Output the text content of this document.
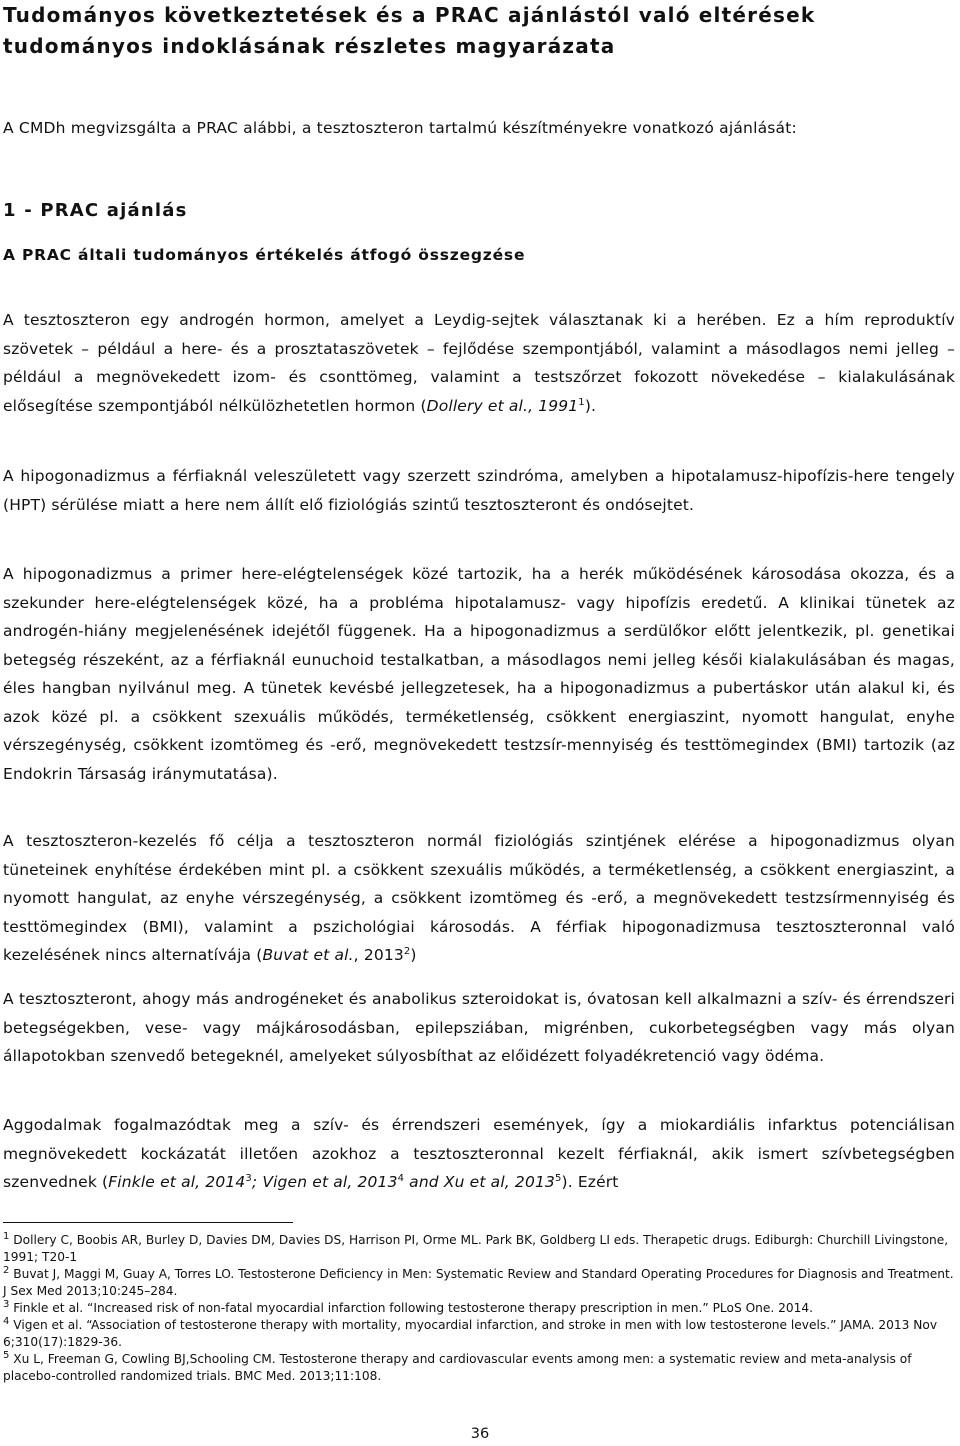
Tudományos következtetések és a PRAC ajánlástól való eltérések
tudományos indoklásának részletes magyarázata

A CMDh megvizsgálta a PRAC alábbi, a tesztoszteron tartalmú készítményekre vonatkozó ajánlását:

1 - PRAC ajánlás
A PRAC általi tudományos értékelés átfogó összegzése

A tesztoszteron egy androgén hormon, amelyet a Leydig-sejtek választanak ki a herében. Ez a hím reproduktív szövetek – például a here- és a prosztataszövetek – fejlődése szempontjából, valamint a másodlagos nemi jelleg – például a megnövekedett izom- és csonttömeg, valamint a testszőrzet fokozott növekedése – kialakulásának elősegítése szempontjából nélkülözhetetlen hormon (Dollery et al., 1991$^1$).

A hipogonadizmus a férfiaknál veleszületett vagy szerzett szindróma, amelyben a hipotalamusz-hipofízis-here tengely (HPT) sérülése miatt a here nem állít elő fiziológiás szintű tesztoszteront és ondósejtet.

A hipogonadizmus a primer here-elégtelenségek közé tartozik, ha a herék működésének károsodása okozza, és a szekunder here-elégtelenségek közé, ha a probléma hipotalamusz- vagy hipofízis eredetű. A klinikai tünetek az androgén-hiány megjelenésének idejétől függenek. Ha a hipogonadizmus a serdülőkor előtt jelentkezik, pl. genetikai betegség részeként, az a férfiaknál eunuchoid testalkatban, a másodlagos nemi jelleg késői kialakulásában és magas, éles hangban nyilvánul meg. A tünetek kevésbé jellegzetesek, ha a hipogonadizmus a pubertáskor után alakul ki, és azok közé pl. a csökkent szexuális működés, terméketlenség, csökkent energiaszint, nyomott hangulat, enyhe vérszegénység, csökkent izomtömeg és -erő, megnövekedett testzsír-mennyiség és testtömegindex (BMI) tartozik (az Endokrin Társaság iránymutatása).

A tesztoszteron-kezelés fő célja a tesztoszteron normál fiziológiás szintjének elérése a hipogonadizmus olyan tüneteinek enyhítése érdekében mint pl. a csökkent szexuális működés, a terméketlenség, a csökkent energiaszint, a nyomott hangulat, az enyhe vérszegénység, a csökkent izomtömeg és -erő, a megnövekedett testzsírmennyiség és testtömegindex (BMI), valamint a pszichológiai károsodás. A férfiak hipogonadizmusa tesztoszteronnal való kezelésének nincs alternatívája (Buvat et al., 2013$^2$)

A tesztoszteront, ahogy más androgéneket és anabolikus szteroidokat is, óvatosan kell alkalmazni a szív- és érrendszeri betegségekben, vese- vagy májkárosodásban, epilepsziában, migrénben, cukorbetegségben vagy más olyan állapotokban szenvedő betegeknél, amelyeket súlyosbíthat az előidézett folyadékretenció vagy ödéma.

Aggodalmak fogalmazódtak meg a szív- és érrendszeri események, így a miokardiális infarktus potenciálisan megnövekedett kockázatát illetően azokhoz a tesztoszteronnal kezelt férfiaknál, akik ismert szívbetegségben szenvednek (Finkle et al, 2014$^3$; Vigen et al, 2013$^4$ and Xu et al, 2013$^5$). Ezért

$^1$ Dollery C, Boobis AR, Burley D, Davies DM, Davies DS, Harrison PI, Orme ML. Park BK, Goldberg LI eds. Therapetic drugs. Ediburgh: Churchill Livingstone, 1991; T20-1

$^2$ Buvat J, Maggi M, Guay A, Torres LO. Testosterone Deficiency in Men: Systematic Review and Standard Operating Procedures for Diagnosis and Treatment. J Sex Med 2013;10:245–284.

$^3$ Finkle et al. “Increased risk of non-fatal myocardial infarction following testosterone therapy prescription in men.” PLoS One. 2014.

$^4$ Vigen et al. “Association of testosterone therapy with mortality, myocardial infarction, and stroke in men with low testosterone levels.” JAMA. 2013 Nov 6;310(17):1829-36.

$^5$ Xu L, Freeman G, Cowling BJ,Schooling CM. Testosterone therapy and cardiovascular events among men: a systematic review and meta-analysis of placebo-controlled randomized trials. BMC Med. 2013;11:108.

36
